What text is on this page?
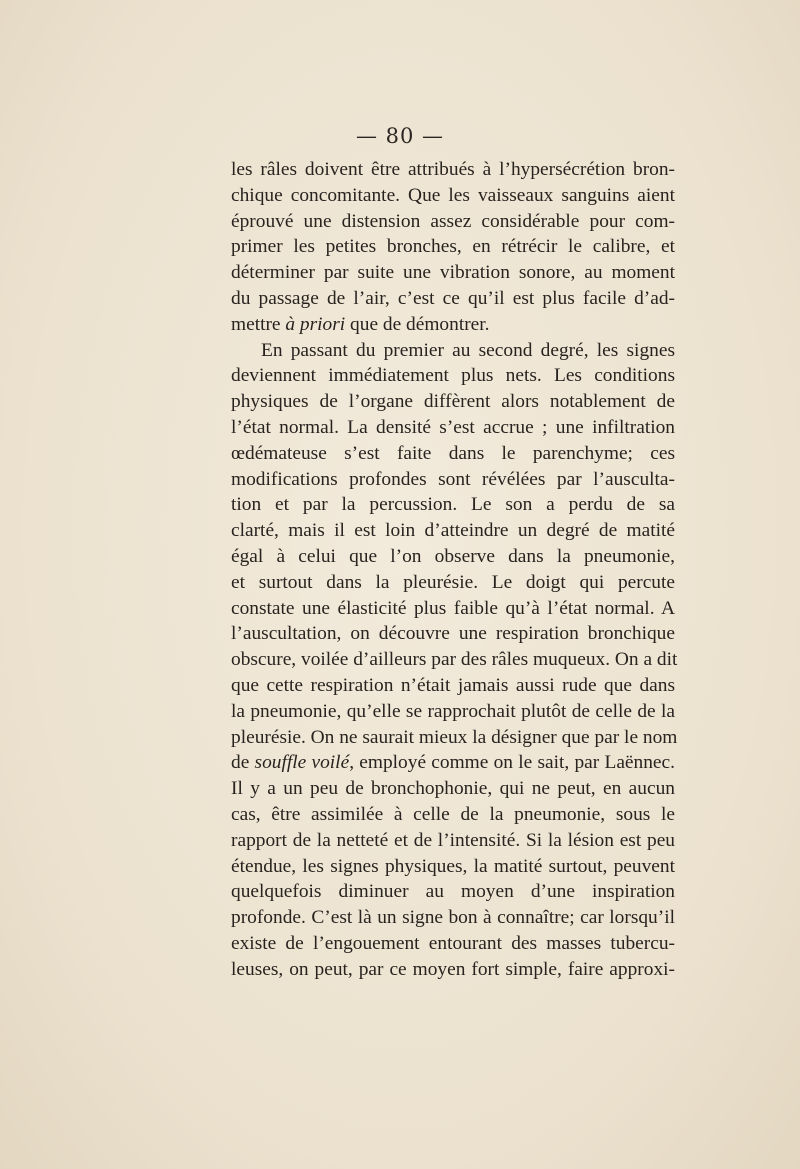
— 80 —
les râles doivent être attribués à l’hypersécrétion bron-
chique concomitante. Que les vaisseaux sanguins aient
éprouvé une distension assez considérable pour com-
primer les petites bronches, en rétrécir le calibre, et
déterminer par suite une vibration sonore, au moment
du passage de l’air, c’est ce qu’il est plus facile d’ad-
mettre à priori que de démontrer.
En passant du premier au second degré, les signes
deviennent immédiatement plus nets. Les conditions
physiques de l’organe diffèrent alors notablement de
l’état normal. La densité s’est accrue ; une infiltration
œdémateuse s’est faite dans le parenchyme; ces
modifications profondes sont révélées par l’ausculta-
tion et par la percussion. Le son a perdu de sa
clarté, mais il est loin d’atteindre un degré de matité
égal à celui que l’on observe dans la pneumonie,
et surtout dans la pleurésie. Le doigt qui percute
constate une élasticité plus faible qu’à l’état normal. A
l’auscultation, on découvre une respiration bronchique
obscure, voilée d’ailleurs par des râles muqueux. On a dit
que cette respiration n’était jamais aussi rude que dans
la pneumonie, qu’elle se rapprochait plutôt de celle de la
pleurésie. On ne saurait mieux la désigner que par le nom
de souffle voilé, employé comme on le sait, par Laënnec.
Il y a un peu de bronchophonie, qui ne peut, en aucun
cas, être assimilée à celle de la pneumonie, sous le
rapport de la netteté et de l’intensité. Si la lésion est peu
étendue, les signes physiques, la matité surtout, peuvent
quelquefois diminuer au moyen d’une inspiration
profonde. C’est là un signe bon à connaître; car lorsqu’il
existe de l’engouement entourant des masses tubercu-
leuses, on peut, par ce moyen fort simple, faire approxi-
